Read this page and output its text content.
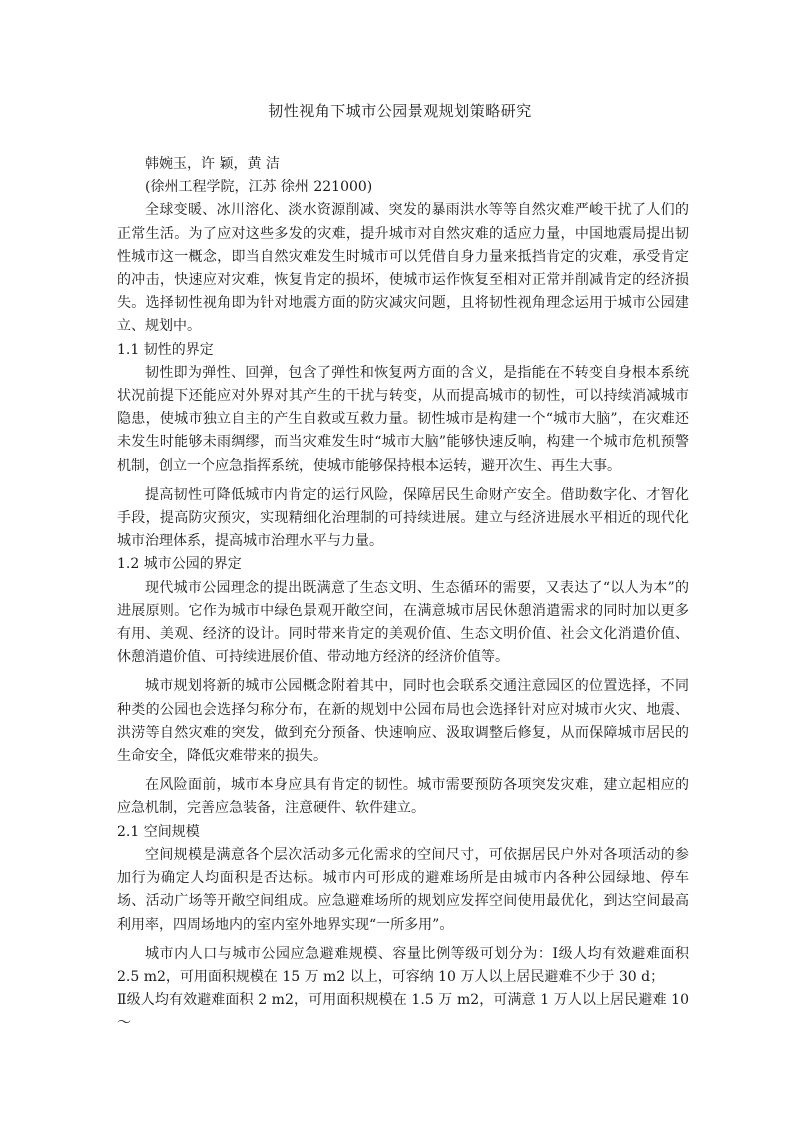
韧性视角下城市公园景观规划策略研究

韩婉玉，许 颖，黄 洁

(徐州工程学院，江苏 徐州 221000)

全球变暖、冰川溶化、淡水资源削减、突发的暴雨洪水等等自然灾难严峻干扰了人们的正常生活。为了应对这些多发的灾难，提升城市对自然灾难的适应力量，中国地震局提出韧性城市这一概念，即当自然灾难发生时城市可以凭借自身力量来抵挡肯定的灾难，承受肯定的冲击，快速应对灾难，恢复肯定的损坏，使城市运作恢复至相对正常并削减肯定的经济损失。选择韧性视角即为针对地震方面的防灾减灾问题，且将韧性视角理念运用于城市公园建立、规划中。

1.1 韧性的界定

韧性即为弹性、回弹，包含了弹性和恢复两方面的含义，是指能在不转变自身根本系统状况前提下还能应对外界对其产生的干扰与转变，从而提高城市的韧性，可以持续消减城市隐患，使城市独立自主的产生自救或互救力量。韧性城市是构建一个“城市大脑”，在灾难还未发生时能够未雨绸缪，而当灾难发生时“城市大脑”能够快速反响，构建一个城市危机预警机制，创立一个应急指挥系统，使城市能够保持根本运转，避开次生、再生大事。

提高韧性可降低城市内肯定的运行风险，保障居民生命财产安全。借助数字化、才智化手段，提高防灾预灾，实现精细化治理制的可持续进展。建立与经济进展水平相近的现代化城市治理体系，提高城市治理水平与力量。

1.2 城市公园的界定

现代城市公园理念的提出既满意了生态文明、生态循环的需要，又表达了“以人为本”的进展原则。它作为城市中绿色景观开敞空间，在满意城市居民休憩消遣需求的同时加以更多有用、美观、经济的设计。同时带来肯定的美观价值、生态文明价值、社会文化消遣价值、休憩消遣价值、可持续进展价值、带动地方经济的经济价值等。

城市规划将新的城市公园概念附着其中，同时也会联系交通注意园区的位置选择，不同种类的公园也会选择匀称分布，在新的规划中公园布局也会选择针对应对城市火灾、地震、洪涝等自然灾难的突发，做到充分预备、快速响应、汲取调整后修复，从而保障城市居民的生命安全，降低灾难带来的损失。

在风险面前，城市本身应具有肯定的韧性。城市需要预防各项突发灾难，建立起相应的应急机制，完善应急装备，注意硬件、软件建立。

2.1 空间规模

空间规模是满意各个层次活动多元化需求的空间尺寸，可依据居民户外对各项活动的参加行为确定人均面积是否达标。城市内可形成的避难场所是由城市内各种公园绿地、停车场、活动广场等开敞空间组成。应急避难场所的规划应发挥空间使用最优化，到达空间最高利用率，四周场地内的室内室外地界实现“一所多用”。

城市内人口与城市公园应急避难规模、容量比例等级可划分为：Ⅰ级人均有效避难面积 2.5 m2，可用面积规模在 15 万 m2 以上，可容纳 10 万人以上居民避难不少于 30 d；

Ⅱ级人均有效避难面积 2 m2，可用面积规模在 1.5 万 m2，可满意 1 万人以上居民避难 10～
